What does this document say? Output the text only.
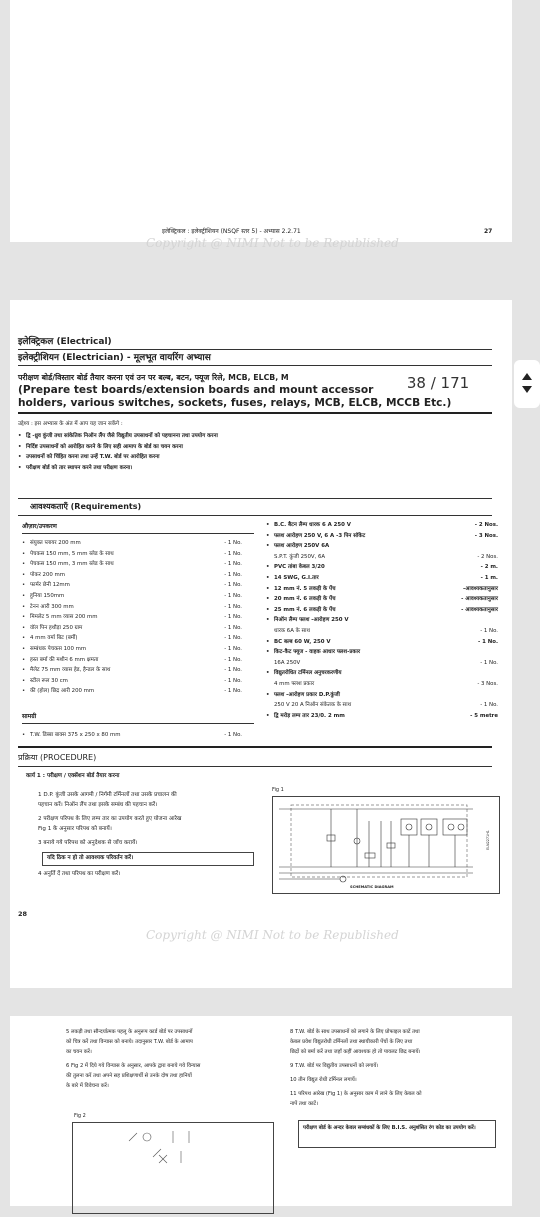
इलेक्ट्रिकल : इलेक्ट्रीशियन (NSQF स्तर 5) - अभ्यास 2.2.71	27
Copyright @ NIMI Not to be Republished
इलेक्ट्रिकल (Electrical)
इलेक्ट्रीशियन (Electrician) - मूलभूत वायरिंग अभ्यास
परीक्षण बोर्ड/विस्तार बोर्ड तैयार करना एवं उन पर बल्ब, बटन, फ्यूज रिले, MCB, ELCB, M
(Prepare test boards/extension boards and mount accessor
holders, various switches, sockets, fuses, relays, MCB, ELCB, MCCB Etc.)
उद्देश्य : इस अभ्यास के अंत में आप यह जान सकेंगे :
• द्वि -ध्रुव कुंजी तथा सांकेतिक निऑन लैंप जैसे विद्युतीय उपसाधनों को पहचानना तथा उपयोग करना
• निर्दिष्ट उपसाधनों को आरोहित करने के लिए सही आमाप के बोर्ड का चयन करना
• उपसाधनों को चिंहित करना तथा उन्हें T.W. बोर्ड पर आरोहित करना
• परीक्षण बोर्ड को तार स्थापन करने तथा परीक्षण करना।
आवश्यकताएँ (Requirements)
औज़ार/उपकरण
• संयुक्त प्लायर 200 mm	- 1 No.
• पेचकस 150 mm, 5 mm ब्लेड के साथ	- 1 No.
• पेचकस 150 mm, 3 mm ब्लेड के साथ	- 1 No.
• पोकर 200 mm	- 1 No.
• फार्मर छेनी 12mm	- 1 No.
• हुनिया 150mm	- 1 No.
• टेनन आरी 300 mm	- 1 No.
• मिमलेट 5 mm व्यास 200 mm	- 1 No.
• वॉल पिन हथौड़ा 250 ग्राम	- 1 No.
• 4 mm वर्मा बिट (बर्मी)	- 1 No.
• सम्बंधक पेचकस 100 mm	- 1 No.
• हस्त बर्मा की मशीन 6 mm क्षमता	- 1 No.
• मैलेट 75 mm व्यास हेड, हैन्डल के साथ	- 1 No.
• स्टील रूल 30 cm	- 1 No.
• की (होल) छिद्र आरी 200 mm	- 1 No.
सामग्री
• T.W. डिब्बा बाक्स 375 x 250 x 80 mm	- 1 No.
• B.C. बैटन लैम्प धारक 6 A 250 V	- 2 Nos.
• फ्लश आरोहण 250 V, 6 A -3 पिन सॉकेट	- 3 Nos.
• फ्लश आरोहण 250V 6A
S.P.T. कुंजी 250V, 6A	- 2 Nos.
• PVC तांबा केबल 3/20	- 2 m.
• 14 SWG, G.I.तार	- 1 m.
• 12 mm नं. 5 लकड़ी के पेंच	-आवश्यकतानुसार
• 20 mm नं. 6 लकड़ी के पेंच	- आवश्यकतानुसार
• 25 mm नं. 6 लकड़ी के पेंच	- आवश्यकतानुसार
• निऑन लैम्प फ्लश -आरोहण 250 V
धारक 6A के साथ	- 1 No.
• BC बल्ब 60 W, 250 V	- 1 No.
• किट-कैट फ्यूज - वाहक आधार फ्लश-प्रकार
16A 250V	- 1 No.
• विद्युतरोधित टर्मिनल अनुचरकरणीय
4 mm फ्लश प्रकार	- 3 Nos.
• फ्लश -आरोहण प्रकार D.P.कुंजी
250 V 20 A निऑन संकेतक के साथ	- 1 No.
• द्वि मरोड़ लम्प तार 23/0. 2 mm	- 5 metre
प्रक्रिया (PROCEDURE)
कार्य 1 : परीक्षण / एक्सेंशन बोर्ड तैयार करना
1 D.P. कुंजी उसके आगमी / निर्गमी टर्मिनलों तथा उसके प्रचालन की
पहचान करें। निऑन लैंप तथा इसके सम्बंध की पहचान करें।
2 परीक्षण परिपथ के लिए लम्प तार का उपयोग करते हुए योजना आरेख
Fig 1 के अनुसार परिपथ को बनायें।
3 बनाये गये परिपथ को अनुदेशक से जाँच करायें।
यदि ठिक न हो तो आवश्यक परिवर्तन करें।
4 अनुर्ति दें तथा परिपथ का परीक्षण करें।
Fig 1
SCHEMATIC DIAGRAM
ELN2271H1
28
Copyright @ NIMI Not to be Republished
5 लकड़ी तथा सौन्दर्यात्मक पहलू के अनुरूप कार्ड बोर्ड पर उपसाधनों
को चित्र करें तथा विन्यास को बनाये। तदानुसार T.W. बोर्ड के आमाप
का चयन करें।
6 Fig 2 में दिये गये विन्यास के अनुसार, आपके द्वारा बनाये गये विन्यास
की तुलना करें तथा अपने सह प्रशिक्षणार्थी से उनके दोष तथा हानियों
के बारे में विवेचना करें।
8 T.W. बोर्ड के साथ उपसाधनों को लगाने के लिए प्रोफाइल काटें तथा
केबल प्रवेश विद्युतरोधी टर्मिनलों तथा स्थायीकारी पेंचों के लिए तथा
छिद्रों को बर्मा करें तथा जहाँ कहीं आवश्यक हो तो पायलट छिद्र बनायें।
9 T.W. बोर्ड पर विद्युतीय उपसाधनों को लगायें।
10 तीन विद्युत रोधी टर्मिनल लगायें।
11 परिपथ आरेख (Fig 1) के अनुसार काम में लाने के लिए केबल को
नापें तथा काटें।
परीक्षण बोर्ड के अन्दर केवल सम्बंधकों के लिए B.I.S. अनुशंसित रंग कोड का उपयोग करें।
Fig 2
38 / 171
